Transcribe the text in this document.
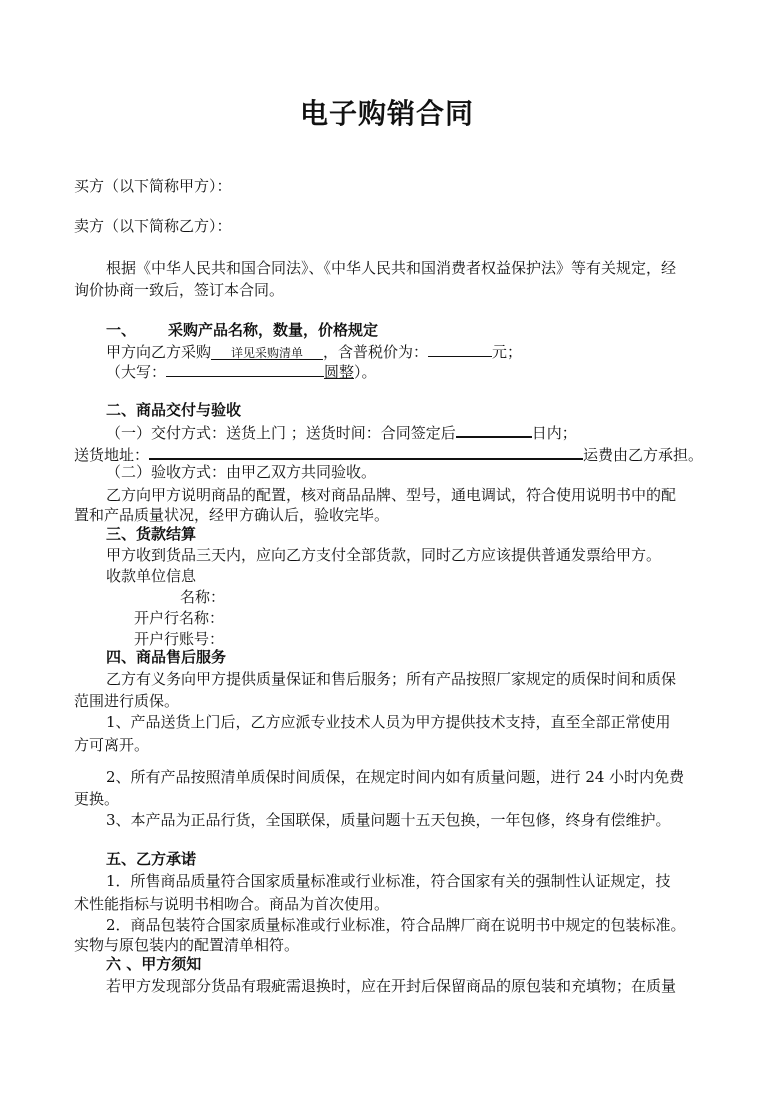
电子购销合同
买方（以下简称甲方）：
卖方（以下简称乙方）：
根据《中华人民共和国合同法》、《中华人民共和国消费者权益保护法》等有关规定，经
询价协商一致后，签订本合同。
一、 采购产品名称，数量，价格规定
甲方向乙方采购 详见采购清单 ，含普税价为：	元；
（大写：	圆整）。
二、商品交付与验收
（一）交付方式：送货上门 ；送货时间：合同签定后	日内；
送货地址：	运费由乙方承担。
（二）验收方式：由甲乙双方共同验收。
乙方向甲方说明商品的配置，核对商品品牌、型号，通电调试，符合使用说明书中的配
置和产品质量状况，经甲方确认后，验收完毕。
三、货款结算
甲方收到货品三天内，应向乙方支付全部货款，同时乙方应该提供普通发票给甲方。
收款单位信息
名称：
开户行名称：
开户行账号：
四、商品售后服务
乙方有义务向甲方提供质量保证和售后服务；所有产品按照厂家规定的质保时间和质保
范围进行质保。
1、产品送货上门后，乙方应派专业技术人员为甲方提供技术支持，直至全部正常使用
方可离开。
2、所有产品按照清单质保时间质保，在规定时间内如有质量问题，进行 24 小时内免费
更换。
3、本产品为正品行货，全国联保，质量问题十五天包换，一年包修，终身有偿维护。
五、乙方承诺
1．所售商品质量符合国家质量标准或行业标准，符合国家有关的强制性认证规定，技
术性能指标与说明书相吻合。商品为首次使用。
2．商品包装符合国家质量标准或行业标准，符合品牌厂商在说明书中规定的包装标准。
实物与原包装内的配置清单相符。
六 、甲方须知
若甲方发现部分货品有瑕疵需退换时，应在开封后保留商品的原包装和充填物；在质量
